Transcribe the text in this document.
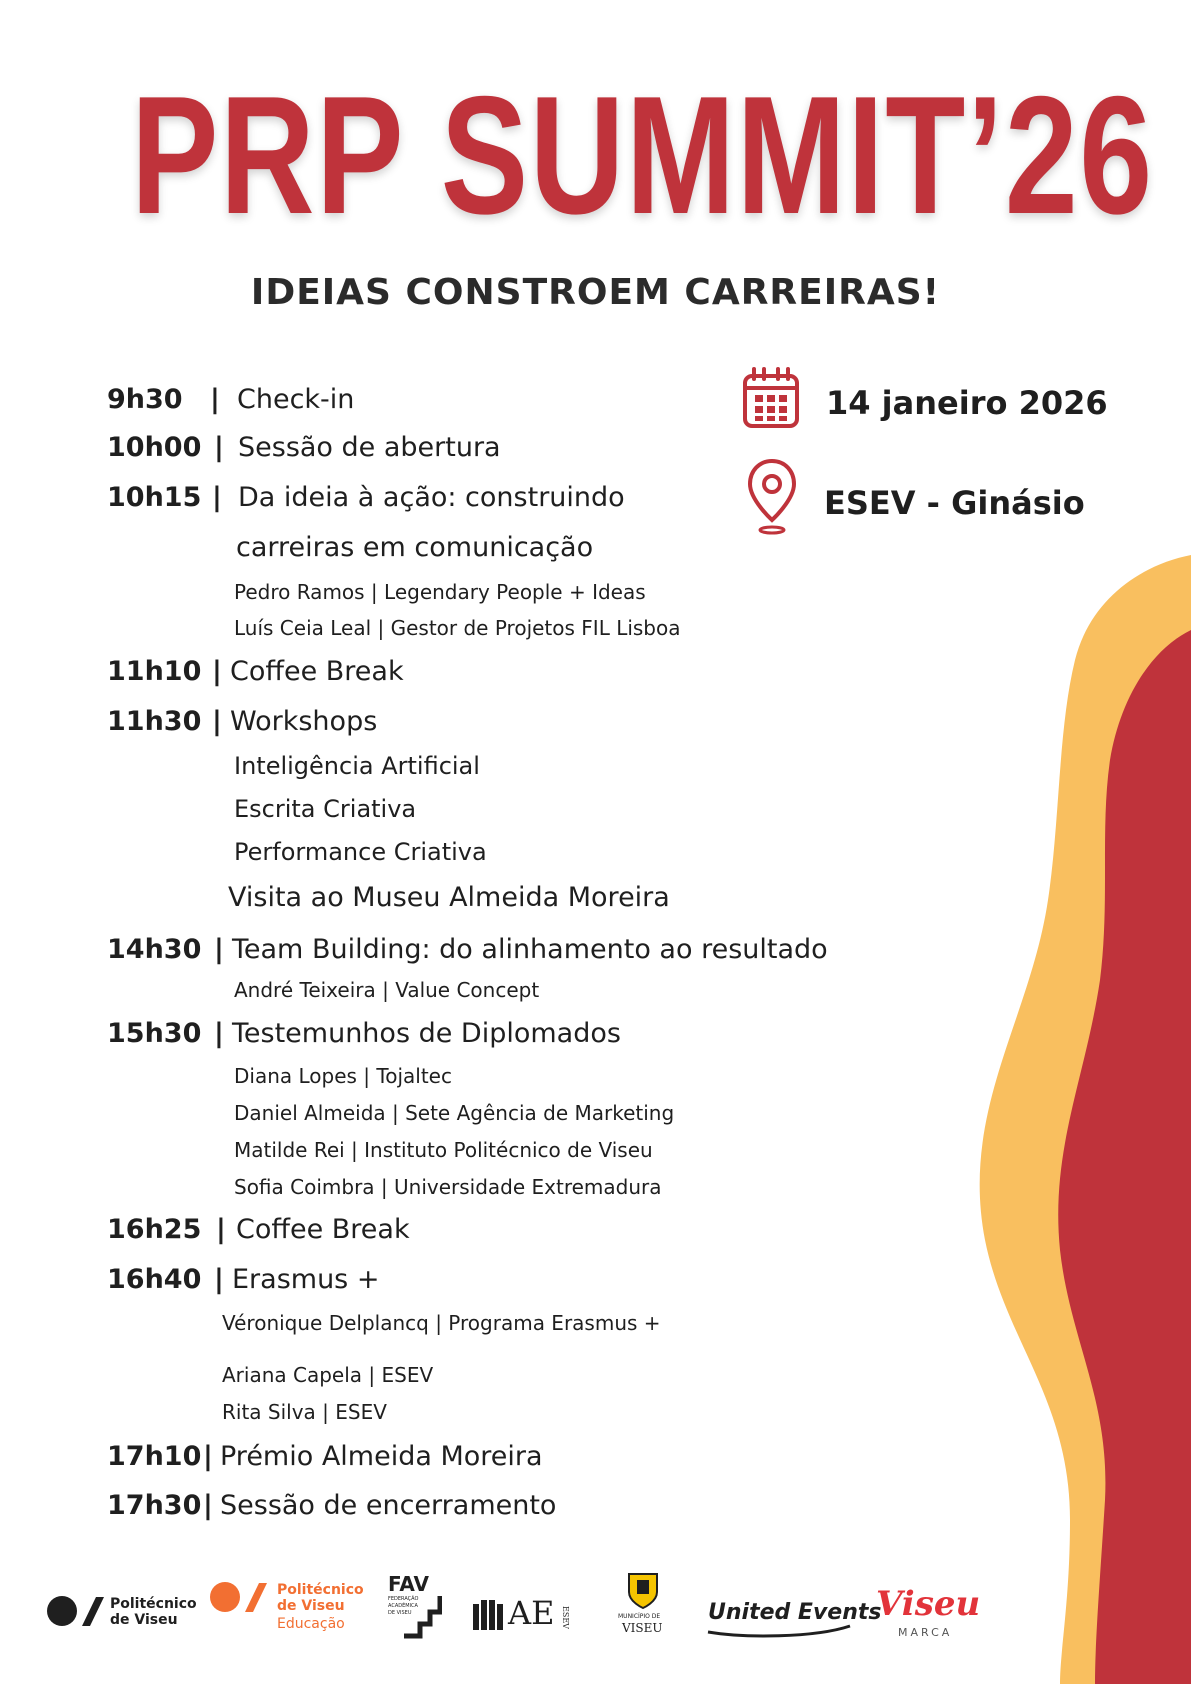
PRP SUMMIT’26
IDEIAS CONSTROEM CARREIRAS!
14 janeiro 2026
ESEV - Ginásio
9h30 | Check-in
10h00 | Sessão de abertura
10h15 | Da ideia à ação: construindo
carreiras em comunicação
Pedro Ramos | Legendary People + Ideas
Luís Ceia Leal | Gestor de Projetos FIL Lisboa
11h10 | Coffee Break
11h30 | Workshops
Inteligência Artificial
Escrita Criativa
Performance Criativa
Visita ao Museu Almeida Moreira
14h30 | Team Building: do alinhamento ao resultado
André Teixeira | Value Concept
15h30 | Testemunhos de Diplomados
Diana Lopes | Tojaltec
Daniel Almeida | Sete Agência de Marketing
Matilde Rei | Instituto Politécnico de Viseu
Sofia Coimbra | Universidade Extremadura
16h25 | Coffee Break
16h40 | Erasmus +
Véronique Delplancq | Programa Erasmus +
Ariana Capela | ESEV
Rita Silva | ESEV
17h10 | Prémio Almeida Moreira
17h30 | Sessão de encerramento
Politécnico
de Viseu
Politécnico
de Viseu
Educação
FAV
FEDERAÇÃO
ACADÉMICA
DE VISEU	AE ESEV	MUNICÍPIO DE
VISEU
United Events
Viseu
MARCA
